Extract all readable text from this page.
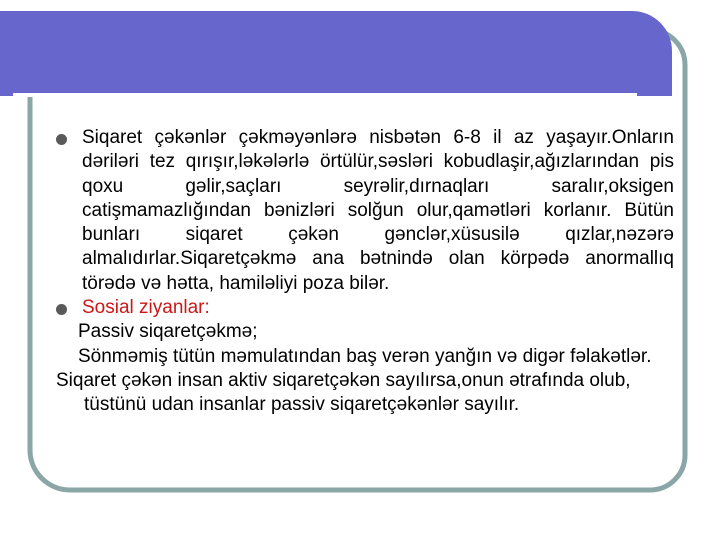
Siqaret çəkənlər çəkməyənlərə nisbətən 6-8 il az yaşayır.Onların dəriləri tez qırışır,ləkələrlə örtülür,səsləri kobudlaşir,ağızlarından pis qoxu gəlir,saçları seyrəlir,dırnaqları saralır,oksigen catişmamazlığından bənizləri solğun olur,qamətləri korlanır. Bütün bunları siqaret çəkən gənclər,xüsusilə qızlar,nəzərə almalıdırlar.Siqaretçəkmə ana bətnində olan körpədə anormallıq törədə və hətta, hamiləliyi poza bilər.
Sosial ziyanlar:
Passiv siqaretçəkmə;
Sönməmiş tütün məmulatından baş verən yanğın və digər fəlakətlər.
Siqaret çəkən insan aktiv siqaretçəkən sayılırsa,onun ətrafında olub, tüstünü udan insanlar passiv siqaretçəkənlər sayılır.
